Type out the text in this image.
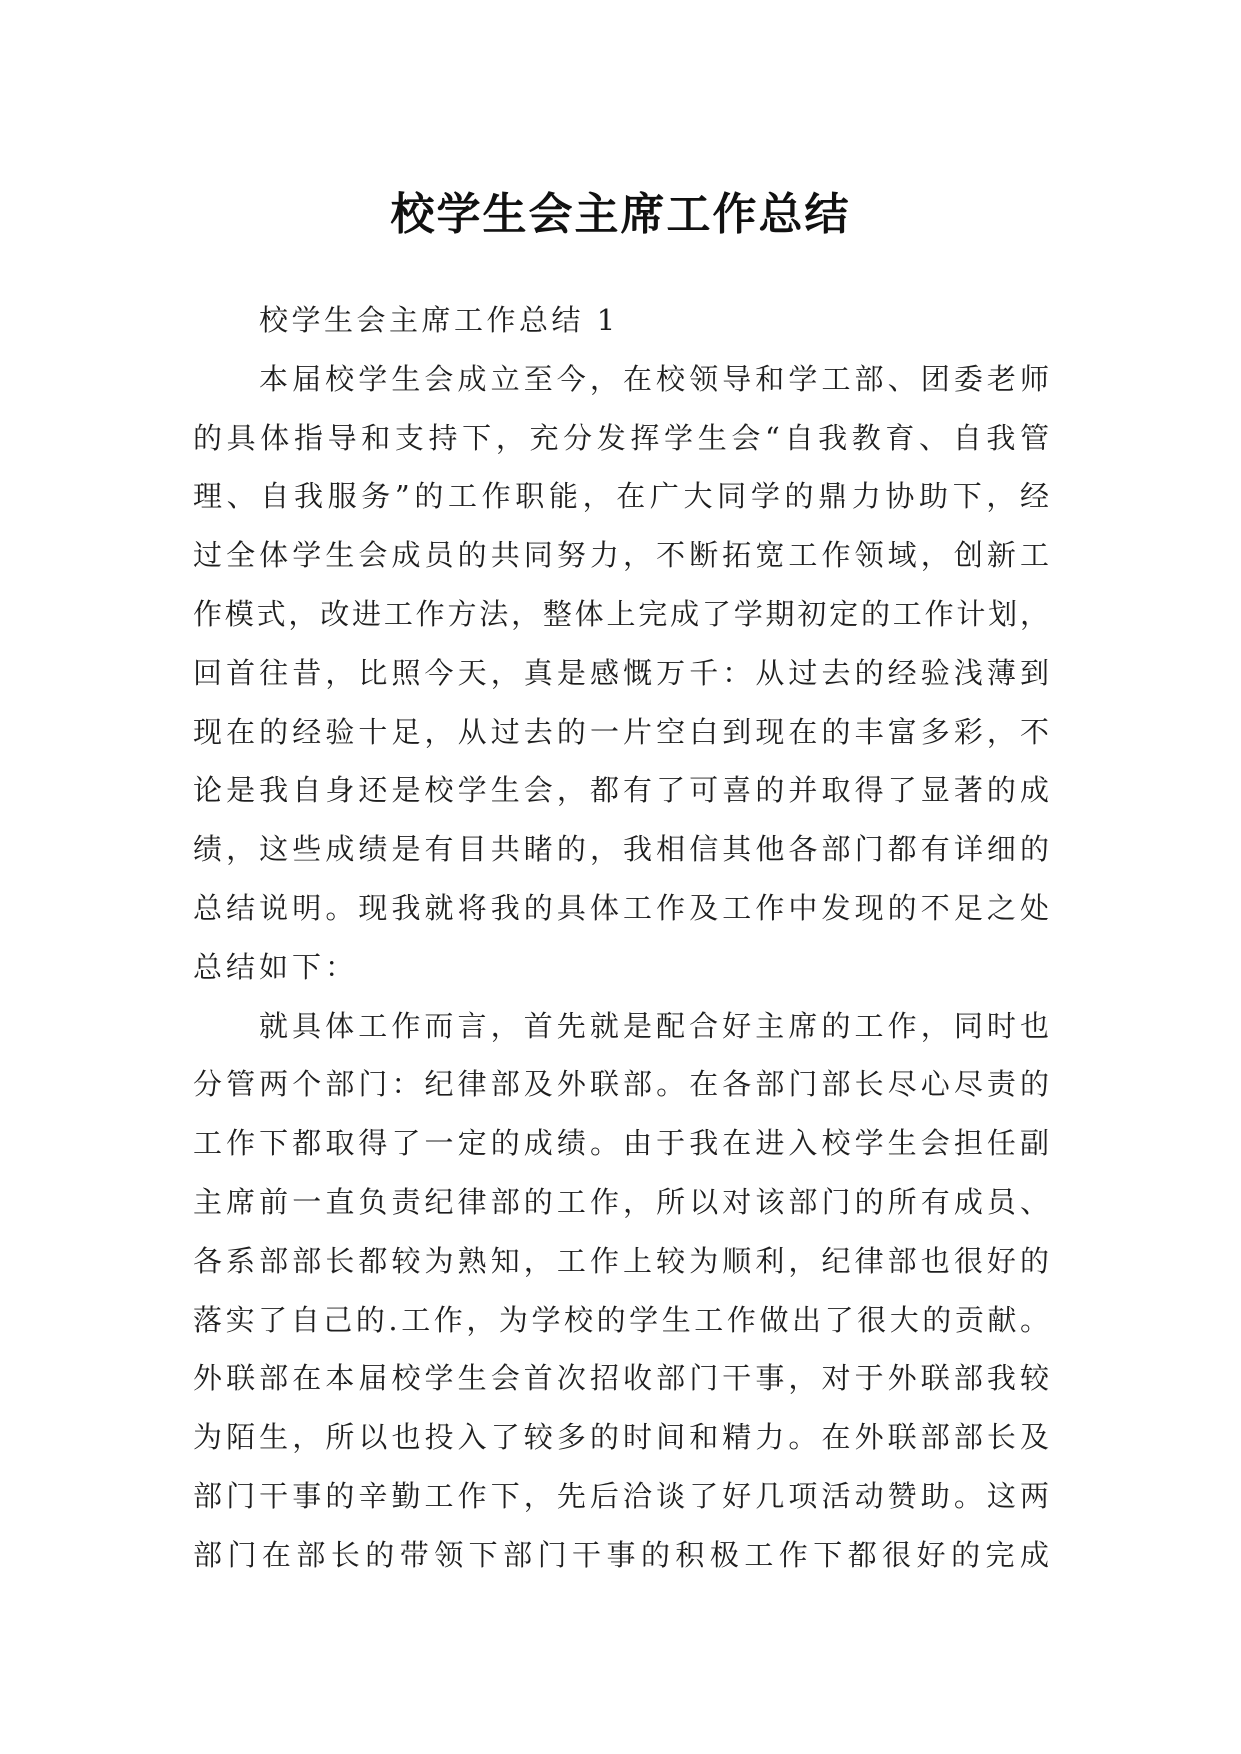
校学生会主席工作总结
校学生会主席工作总结 1
本届校学生会成立至今，在校领导和学工部、团委老师
的具体指导和支持下，充分发挥学生会“自我教育、自我管
理、自我服务”的工作职能，在广大同学的鼎力协助下，经
过全体学生会成员的共同努力，不断拓宽工作领域，创新工
作模式，改进工作方法，整体上完成了学期初定的工作计划，
回首往昔，比照今天，真是感慨万千：从过去的经验浅薄到
现在的经验十足，从过去的一片空白到现在的丰富多彩，不
论是我自身还是校学生会，都有了可喜的并取得了显著的成
绩，这些成绩是有目共睹的，我相信其他各部门都有详细的
总结说明。现我就将我的具体工作及工作中发现的不足之处
总结如下：
就具体工作而言，首先就是配合好主席的工作，同时也
分管两个部门：纪律部及外联部。在各部门部长尽心尽责的
工作下都取得了一定的成绩。由于我在进入校学生会担任副
主席前一直负责纪律部的工作，所以对该部门的所有成员、
各系部部长都较为熟知，工作上较为顺利，纪律部也很好的
落实了自己的.工作，为学校的学生工作做出了很大的贡献。
外联部在本届校学生会首次招收部门干事，对于外联部我较
为陌生，所以也投入了较多的时间和精力。在外联部部长及
部门干事的辛勤工作下，先后洽谈了好几项活动赞助。这两
部门在部长的带领下部门干事的积极工作下都很好的完成
